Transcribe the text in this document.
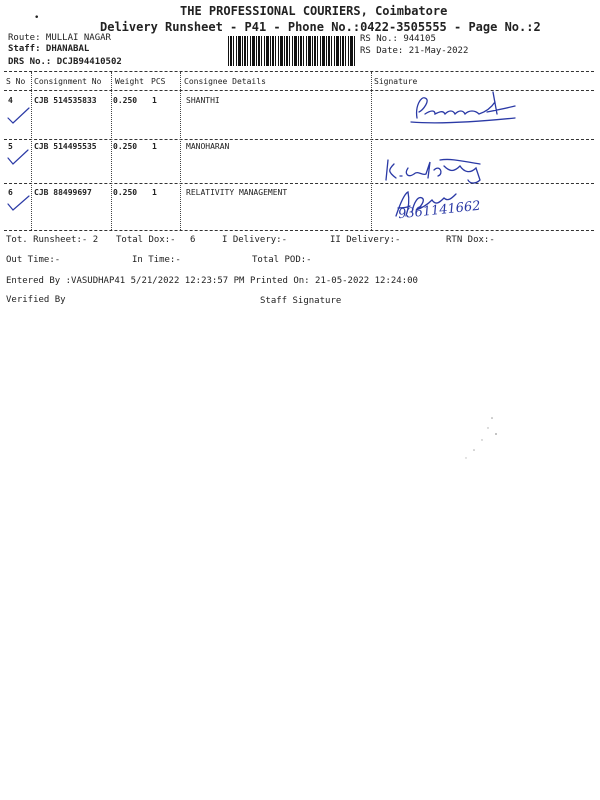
THE PROFESSIONAL COURIERS, Coimbatore
Delivery Runsheet - P41 - Phone No.:0422-3505555 - Page No.:2
•
Route: MULLAI NAGAR
Staff: DHANABAL
DRS No.: DCJB94410502
RS No.: 944105
RS Date: 21-May-2022
S No Consignment No Weight PCS Consignee Details	Signature
4	CJB 514535833 0.250 1	SHANTHI
5	CJB 514495535 0.250 1	MANOHARAN
6	CJB 88499697	0.250 1	RELATIVITY MANAGEMENT
9361141662
Tot. Runsheet:- 2 Total Dox:- 6	I Delivery:-	II Delivery:-	RTN Dox:-
Out Time:-	In Time:-	Total POD:-
Entered By :VASUDHAP41 5/21/2022 12:23:57 PM Printed On: 21-05-2022 12:24:00
Verified By	Staff Signature
